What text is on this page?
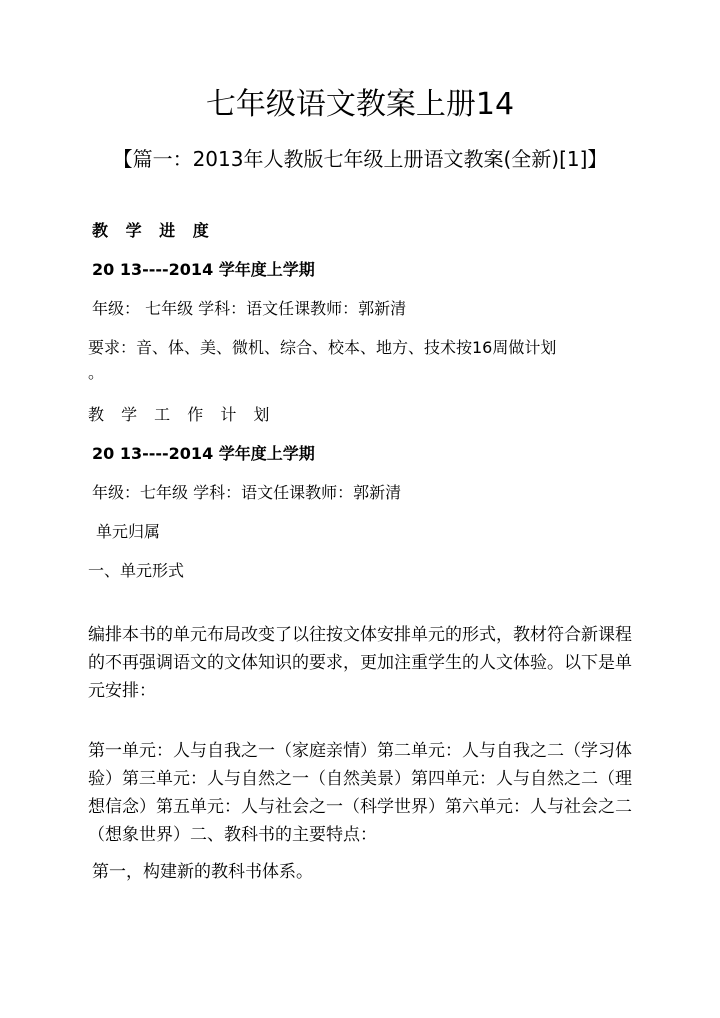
七年级语文教案上册14
【篇一：2013年人教版七年级上册语文教案(全新)[1]】
教 学 进 度
20 13----2014 学年度上学期
年级： 七年级 学科：语文任课教师：郭新清
要求：音、体、美、微机、综合、校本、地方、技术按16周做计划
。
教 学 工 作 计 划
20 13----2014 学年度上学期
年级：七年级 学科：语文任课教师：郭新清
单元归属
一、单元形式
编排本书的单元布局改变了以往按文体安排单元的形式，教材符合新课程的不再强调语文的文体知识的要求，更加注重学生的人文体验。以下是单元安排：
第一单元：人与自我之一（家庭亲情）第二单元：人与自我之二（学习体验）第三单元：人与自然之一（自然美景）第四单元：人与自然之二（理想信念）第五单元：人与社会之一（科学世界）第六单元：人与社会之二（想象世界）二、教科书的主要特点：
第一，构建新的教科书体系。
